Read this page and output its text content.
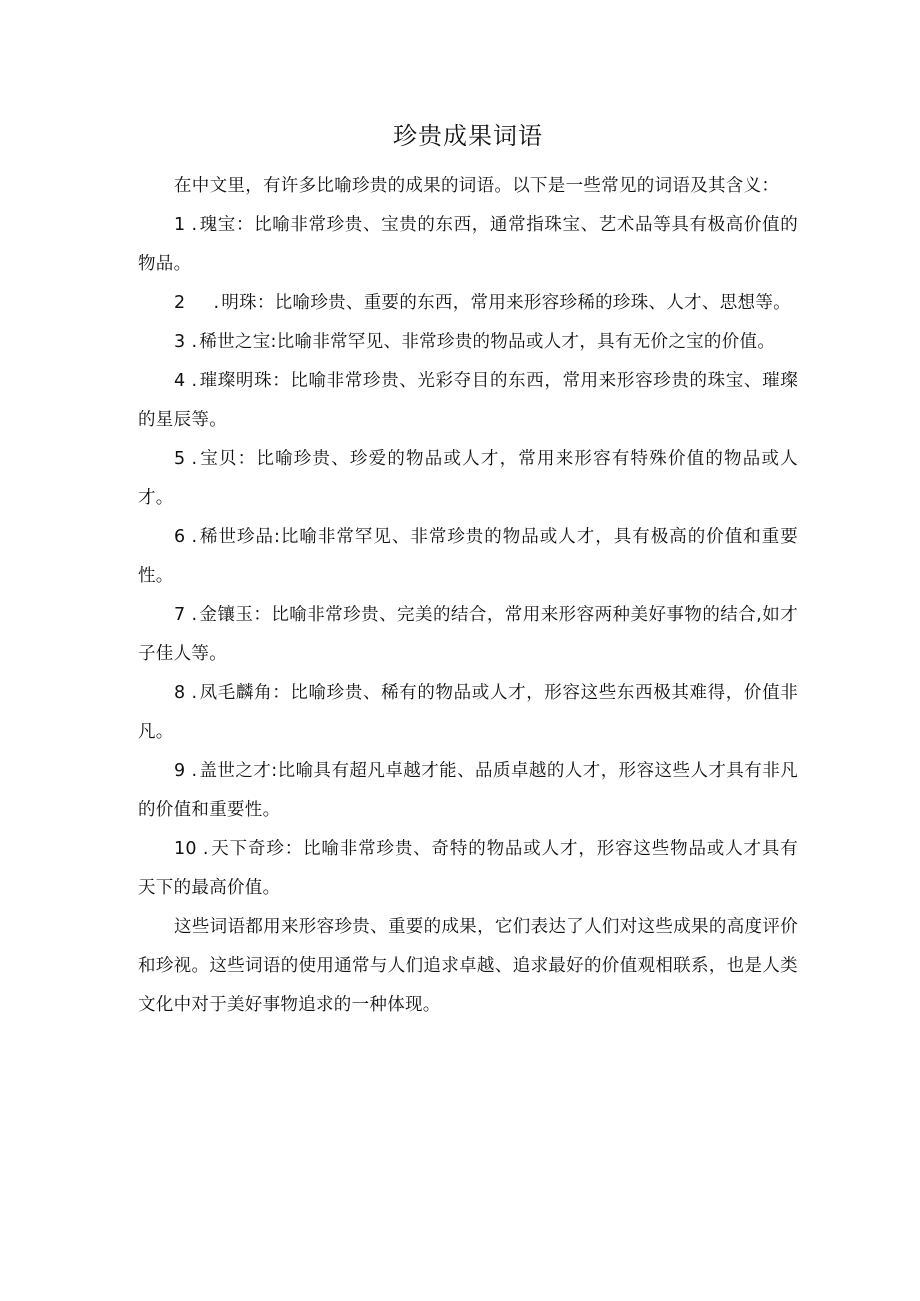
珍贵成果词语

在中文里，有许多比喻珍贵的成果的词语。以下是一些常见的词语及其含义：

1 . 瑰宝：比喻非常珍贵、宝贵的东西，通常指珠宝、艺术品等具有极高价值的物品。

2 . 明珠：比喻珍贵、重要的东西，常用来形容珍稀的珍珠、人才、思想等。

3 . 稀世之宝:比喻非常罕见、非常珍贵的物品或人才，具有无价之宝的价值。

4 . 璀璨明珠：比喻非常珍贵、光彩夺目的东西，常用来形容珍贵的珠宝、璀璨的星辰等。

5 . 宝贝：比喻珍贵、珍爱的物品或人才，常用来形容有特殊价值的物品或人才。

6 . 稀世珍品:比喻非常罕见、非常珍贵的物品或人才，具有极高的价值和重要性。

7 . 金镶玉：比喻非常珍贵、完美的结合，常用来形容两种美好事物的结合,如才子佳人等。

8 . 凤毛麟角：比喻珍贵、稀有的物品或人才，形容这些东西极其难得，价值非凡。

9 . 盖世之才:比喻具有超凡卓越才能、品质卓越的人才，形容这些人才具有非凡的价值和重要性。

10 . 天下奇珍：比喻非常珍贵、奇特的物品或人才，形容这些物品或人才具有天下的最高价值。

这些词语都用来形容珍贵、重要的成果，它们表达了人们对这些成果的高度评价和珍视。这些词语的使用通常与人们追求卓越、追求最好的价值观相联系，也是人类文化中对于美好事物追求的一种体现。
